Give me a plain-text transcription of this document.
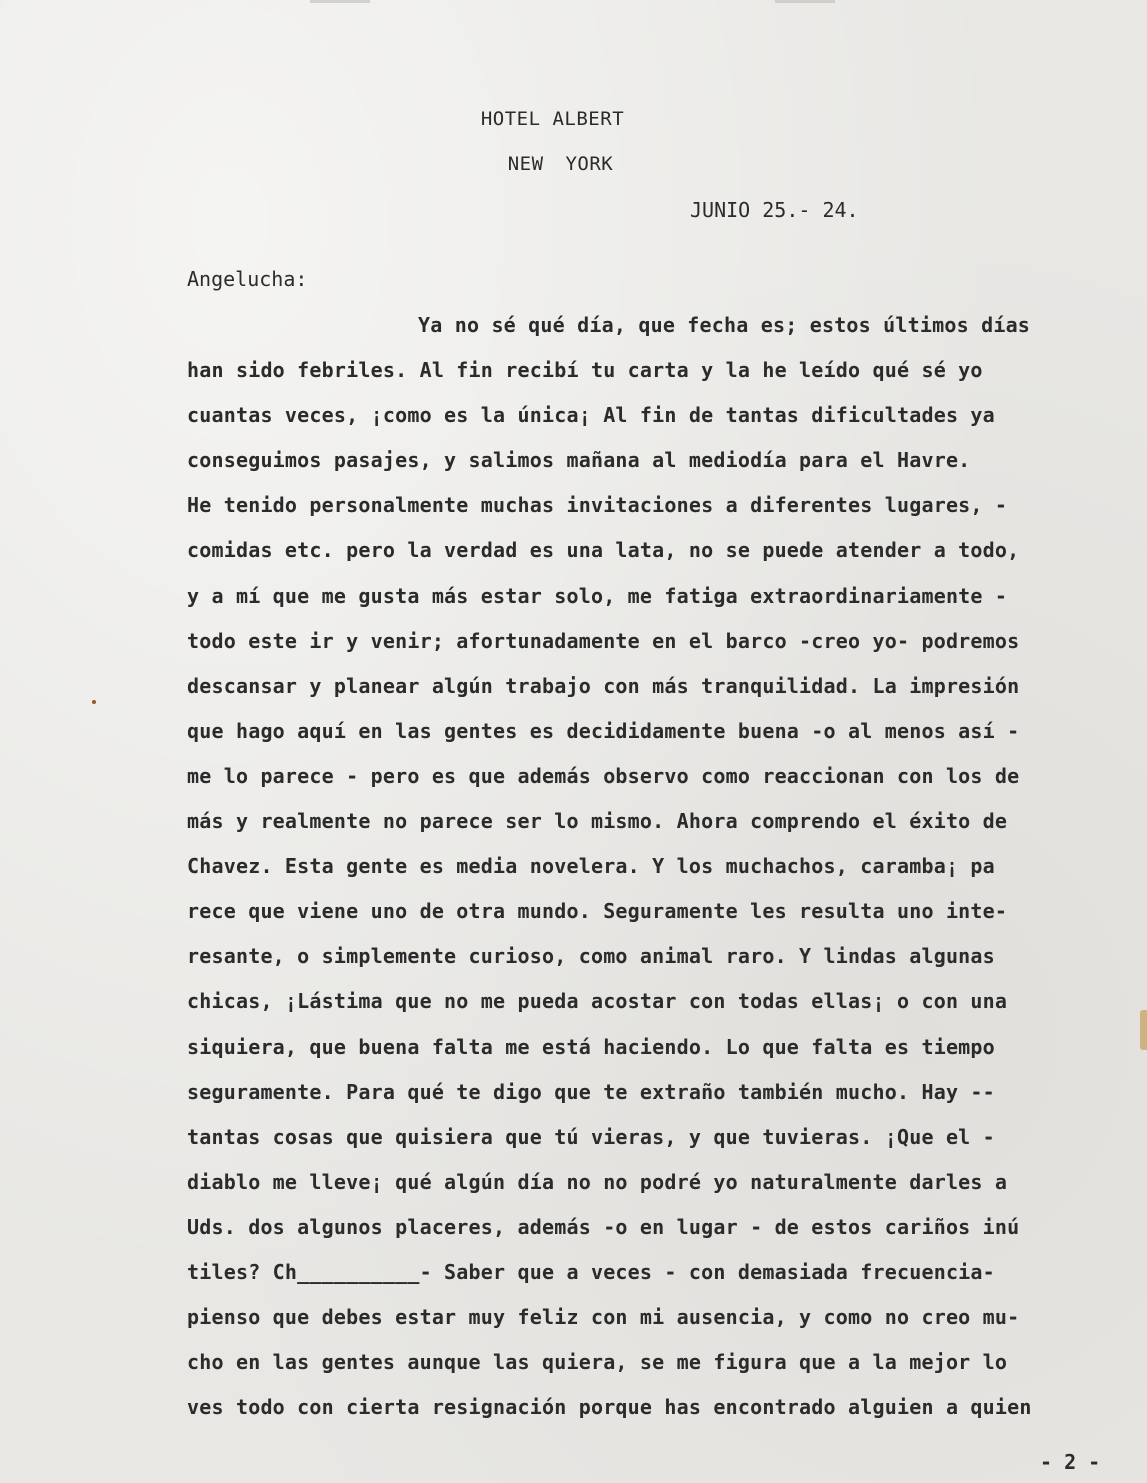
HOTEL ALBERT
NEW YORK
JUNIO 25.- 24.
Angelucha:
Ya no sé qué día, que fecha es; estos últimos días
han sido febriles. Al fin recibí tu carta y la he leído qué sé yo
cuantas veces, ¡como es la única¡ Al fin de tantas dificultades ya
conseguimos pasajes, y salimos mañana al mediodía para el Havre.
He tenido personalmente muchas invitaciones a diferentes lugares, -
comidas etc. pero la verdad es una lata, no se puede atender a todo,
y a mí que me gusta más estar solo, me fatiga extraordinariamente -
todo este ir y venir; afortunadamente en el barco -creo yo- podremos
descansar y planear algún trabajo con más tranquilidad. La impresión
que hago aquí en las gentes es decididamente buena -o al menos así -
me lo parece - pero es que además observo como reaccionan con los de
más y realmente no parece ser lo mismo. Ahora comprendo el éxito de
Chavez. Esta gente es media novelera. Y los muchachos, caramba¡ pa
rece que viene uno de otra mundo. Seguramente les resulta uno inte-
resante, o simplemente curioso, como animal raro. Y lindas algunas
chicas, ¡Lástima que no me pueda acostar con todas ellas¡ o con una
siquiera, que buena falta me está haciendo. Lo que falta es tiempo
seguramente. Para qué te digo que te extraño también mucho. Hay --
tantas cosas que quisiera que tú vieras, y que tuvieras. ¡Que el -
diablo me lleve¡ qué algún día no no podré yo naturalmente darles a
Uds. dos algunos placeres, además -o en lugar - de estos cariños inú
tiles? Ch__________- Saber que a veces - con demasiada frecuencia-
pienso que debes estar muy feliz con mi ausencia, y como no creo mu-
cho en las gentes aunque las quiera, se me figura que a la mejor lo
ves todo con cierta resignación porque has encontrado alguien a quien
- 2 -
